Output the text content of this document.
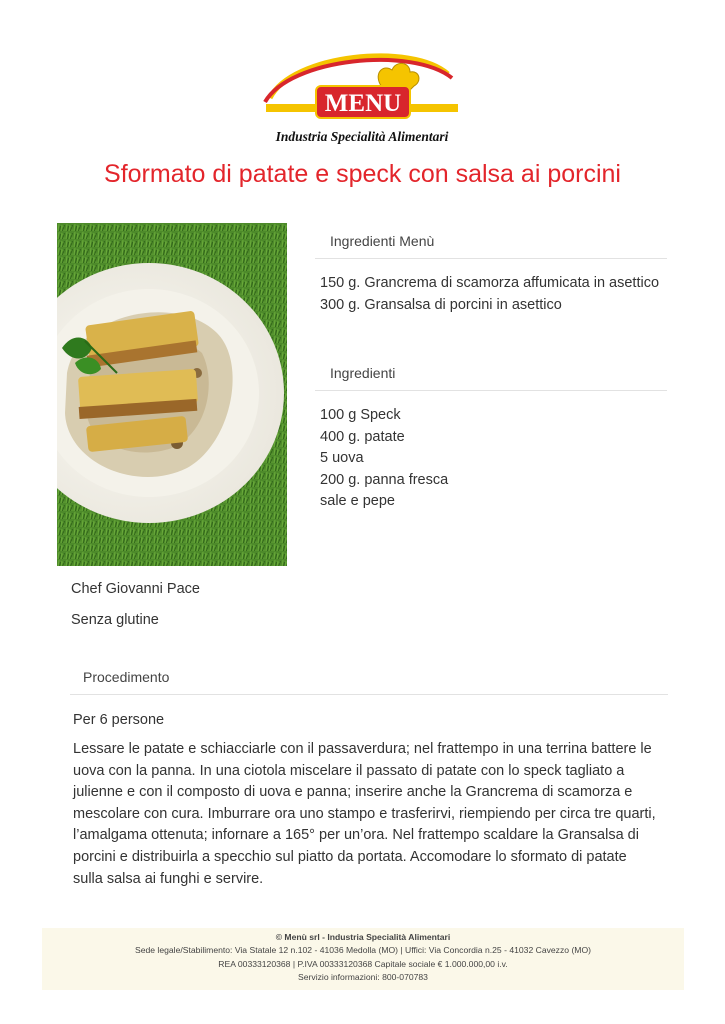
MENU
Industria Specialità Alimentari
Sformato di patate e speck con salsa ai porcini
Ingredienti Menù
150 g. Grancrema di scamorza affumicata in asettico
300 g. Gransalsa di porcini in asettico
Ingredienti
100 g Speck
400 g. patate
5 uova
200 g. panna fresca
sale e pepe
Chef Giovanni Pace
Senza glutine
Procedimento
Per 6 persone
Lessare le patate e schiacciarle con il passaverdura; nel frattempo in una terrina battere le
uova con la panna. In una ciotola miscelare il passato di patate con lo speck tagliato a
julienne e con il composto di uova e panna; inserire anche la Grancrema di scamorza e
mescolare con cura. Imburrare ora uno stampo e trasferirvi, riempiendo per circa tre quarti,
l’amalgama ottenuta; infornare a 165° per un’ora. Nel frattempo scaldare la Gransalsa di
porcini e distribuirla a specchio sul piatto da portata. Accomodare lo sformato di patate
sulla salsa ai funghi e servire.
© Menù srl - Industria Specialità Alimentari
Sede legale/Stabilimento: Via Statale 12 n.102 - 41036 Medolla (MO) | Uffici: Via Concordia n.25 - 41032 Cavezzo (MO)
REA 00333120368 | P.IVA 00333120368 Capitale sociale € 1.000.000,00 i.v.
Servizio informazioni: 800-070783
